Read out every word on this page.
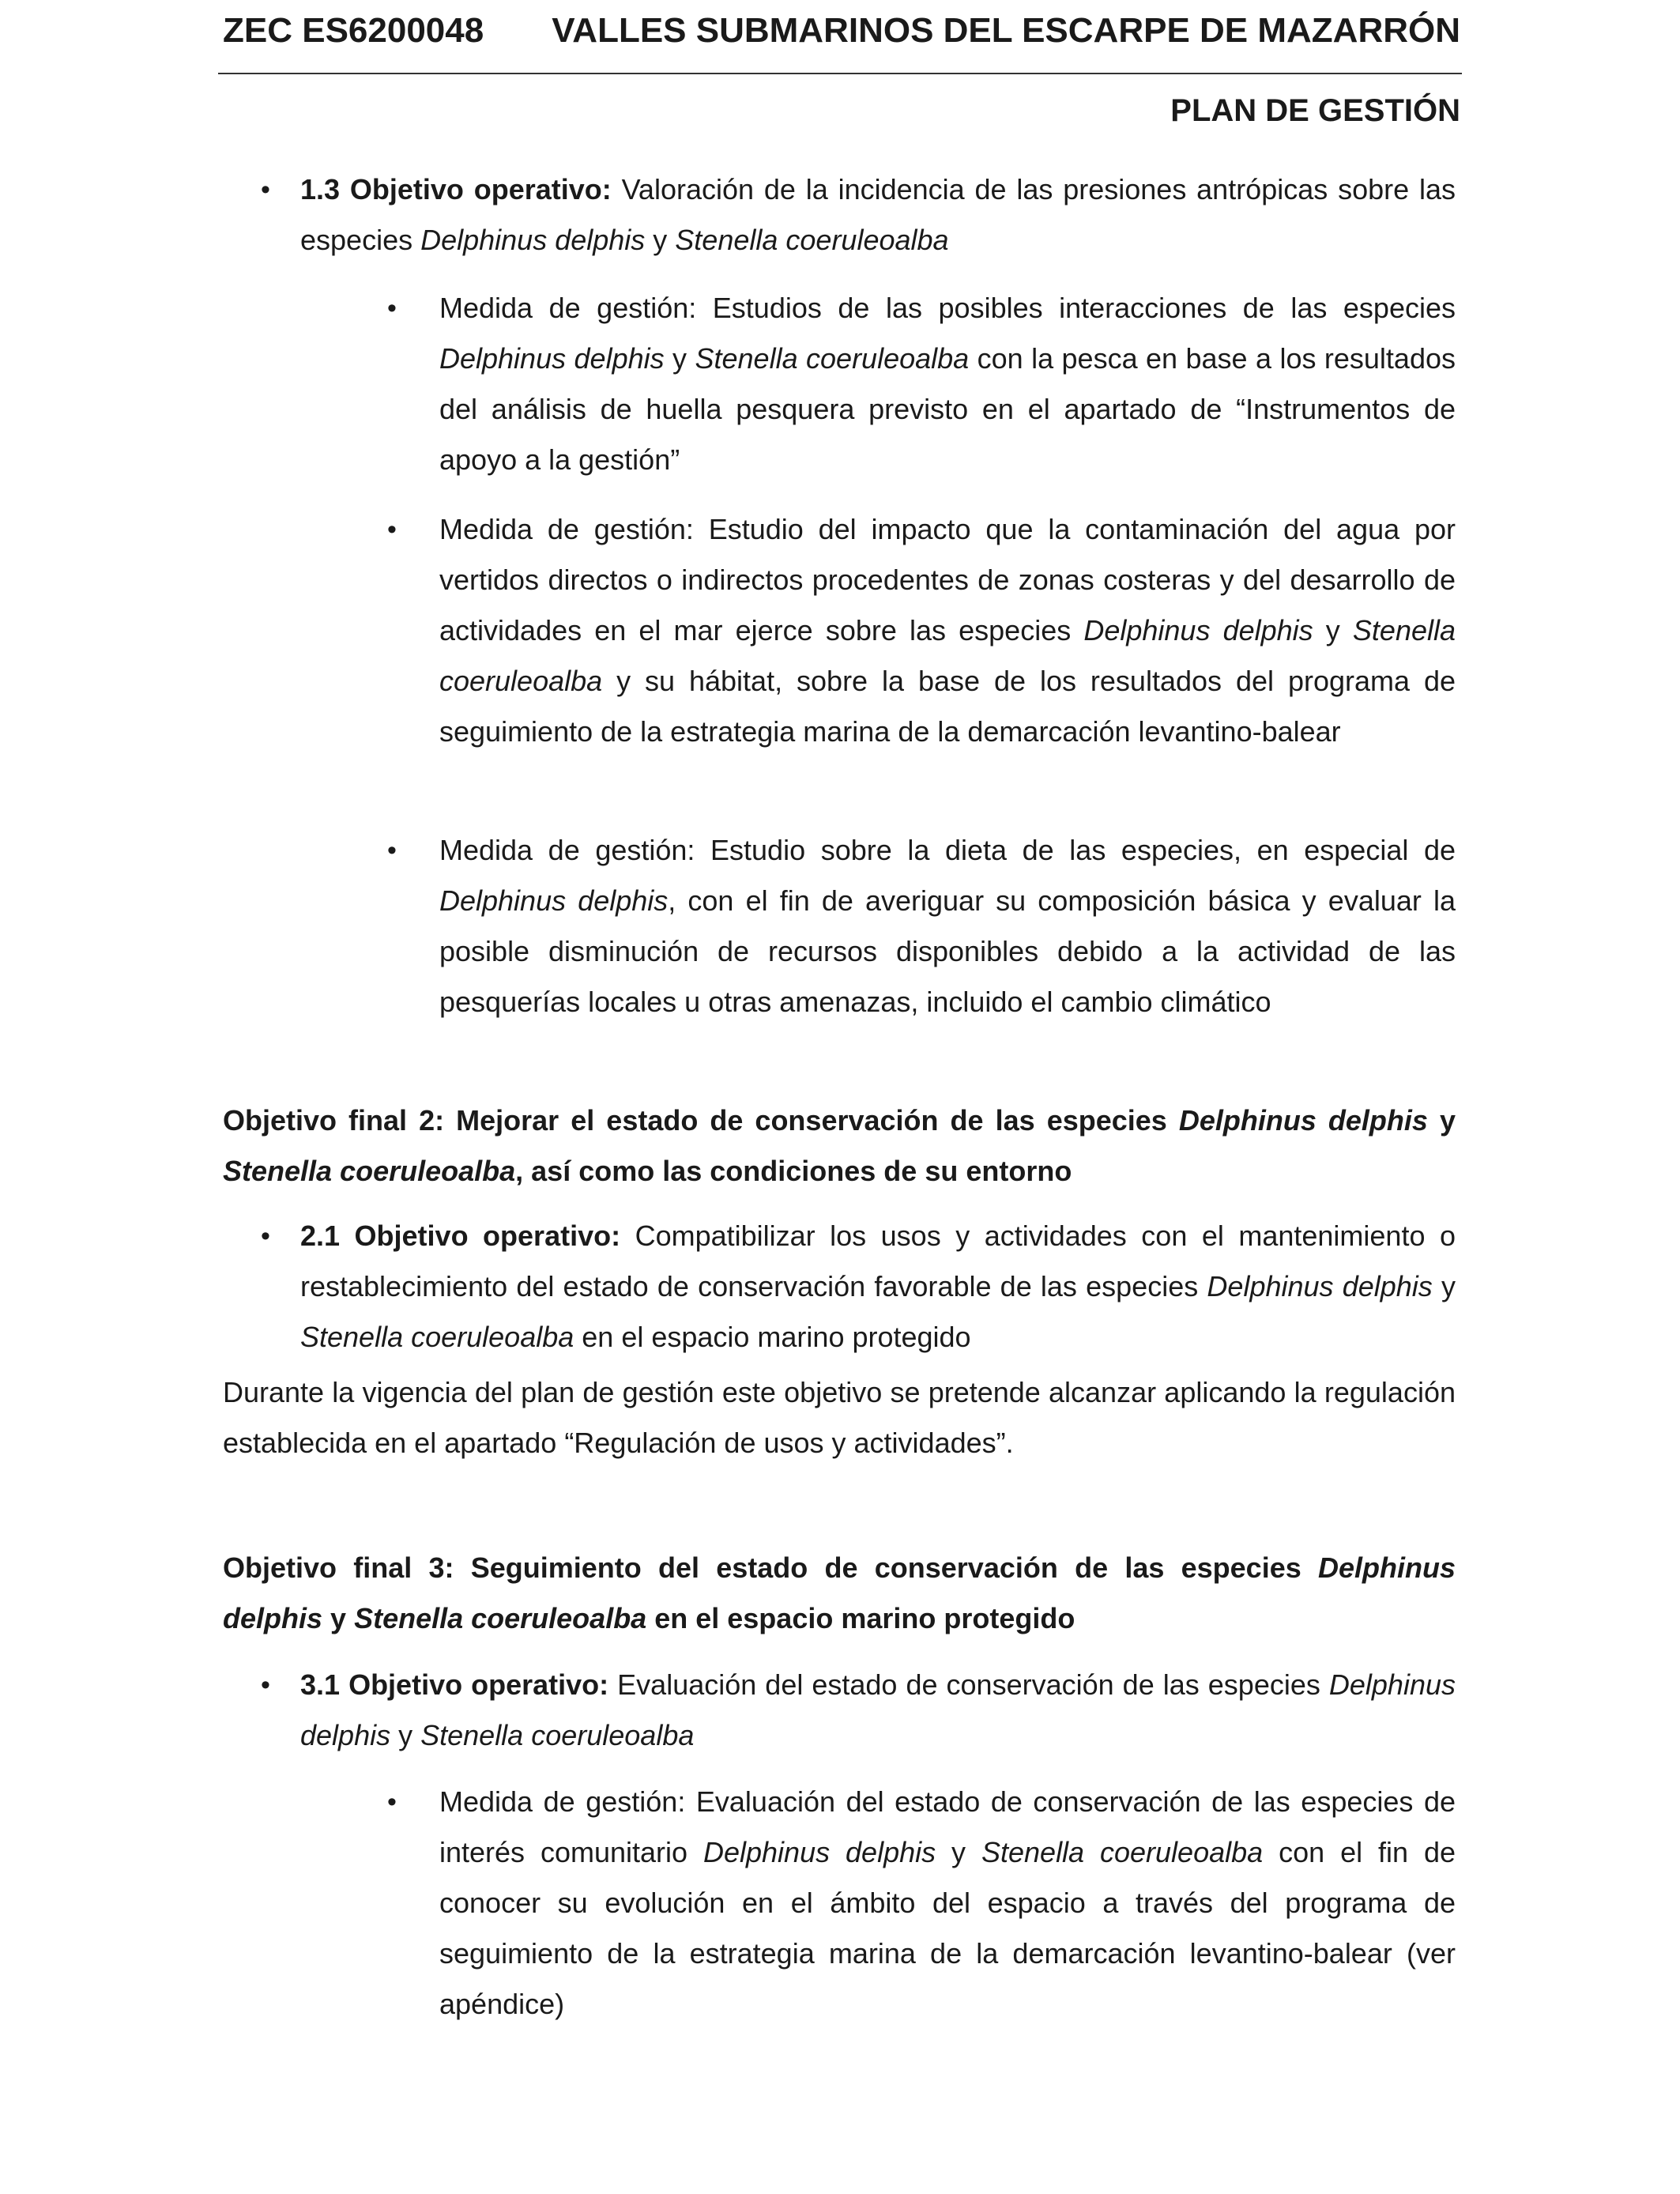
ZEC ES6200048 VALLES SUBMARINOS DEL ESCARPE DE MAZARRÓN
PLAN DE GESTIÓN
• 1.3 Objetivo operativo: Valoración de la incidencia de las presiones antrópicas sobre las especies Delphinus delphis y Stenella coeruleoalba
• Medida de gestión: Estudios de las posibles interacciones de las especies Delphinus delphis y Stenella coeruleoalba con la pesca en base a los resultados del análisis de huella pesquera previsto en el apartado de “Instrumentos de apoyo a la gestión”
• Medida de gestión: Estudio del impacto que la contaminación del agua por vertidos directos o indirectos procedentes de zonas costeras y del desarrollo de actividades en el mar ejerce sobre las especies Delphinus delphis y Stenella coeruleoalba y su hábitat, sobre la base de los resultados del programa de seguimiento de la estrategia marina de la demarcación levantino-balear
• Medida de gestión: Estudio sobre la dieta de las especies, en especial de Delphinus delphis, con el fin de averiguar su composición básica y evaluar la posible disminución de recursos disponibles debido a la actividad de las pesquerías locales u otras amenazas, incluido el cambio climático
Objetivo final 2: Mejorar el estado de conservación de las especies Delphinus delphis y Stenella coeruleoalba, así como las condiciones de su entorno
• 2.1 Objetivo operativo: Compatibilizar los usos y actividades con el mantenimiento o restablecimiento del estado de conservación favorable de las especies Delphinus delphis y Stenella coeruleoalba en el espacio marino protegido
Durante la vigencia del plan de gestión este objetivo se pretende alcanzar aplicando la regulación establecida en el apartado “Regulación de usos y actividades”.
Objetivo final 3: Seguimiento del estado de conservación de las especies Delphinus delphis y Stenella coeruleoalba en el espacio marino protegido
• 3.1 Objetivo operativo: Evaluación del estado de conservación de las especies Delphinus delphis y Stenella coeruleoalba
• Medida de gestión: Evaluación del estado de conservación de las especies de interés comunitario Delphinus delphis y Stenella coeruleoalba con el fin de conocer su evolución en el ámbito del espacio a través del programa de seguimiento de la estrategia marina de la demarcación levantino-balear (ver apéndice)
